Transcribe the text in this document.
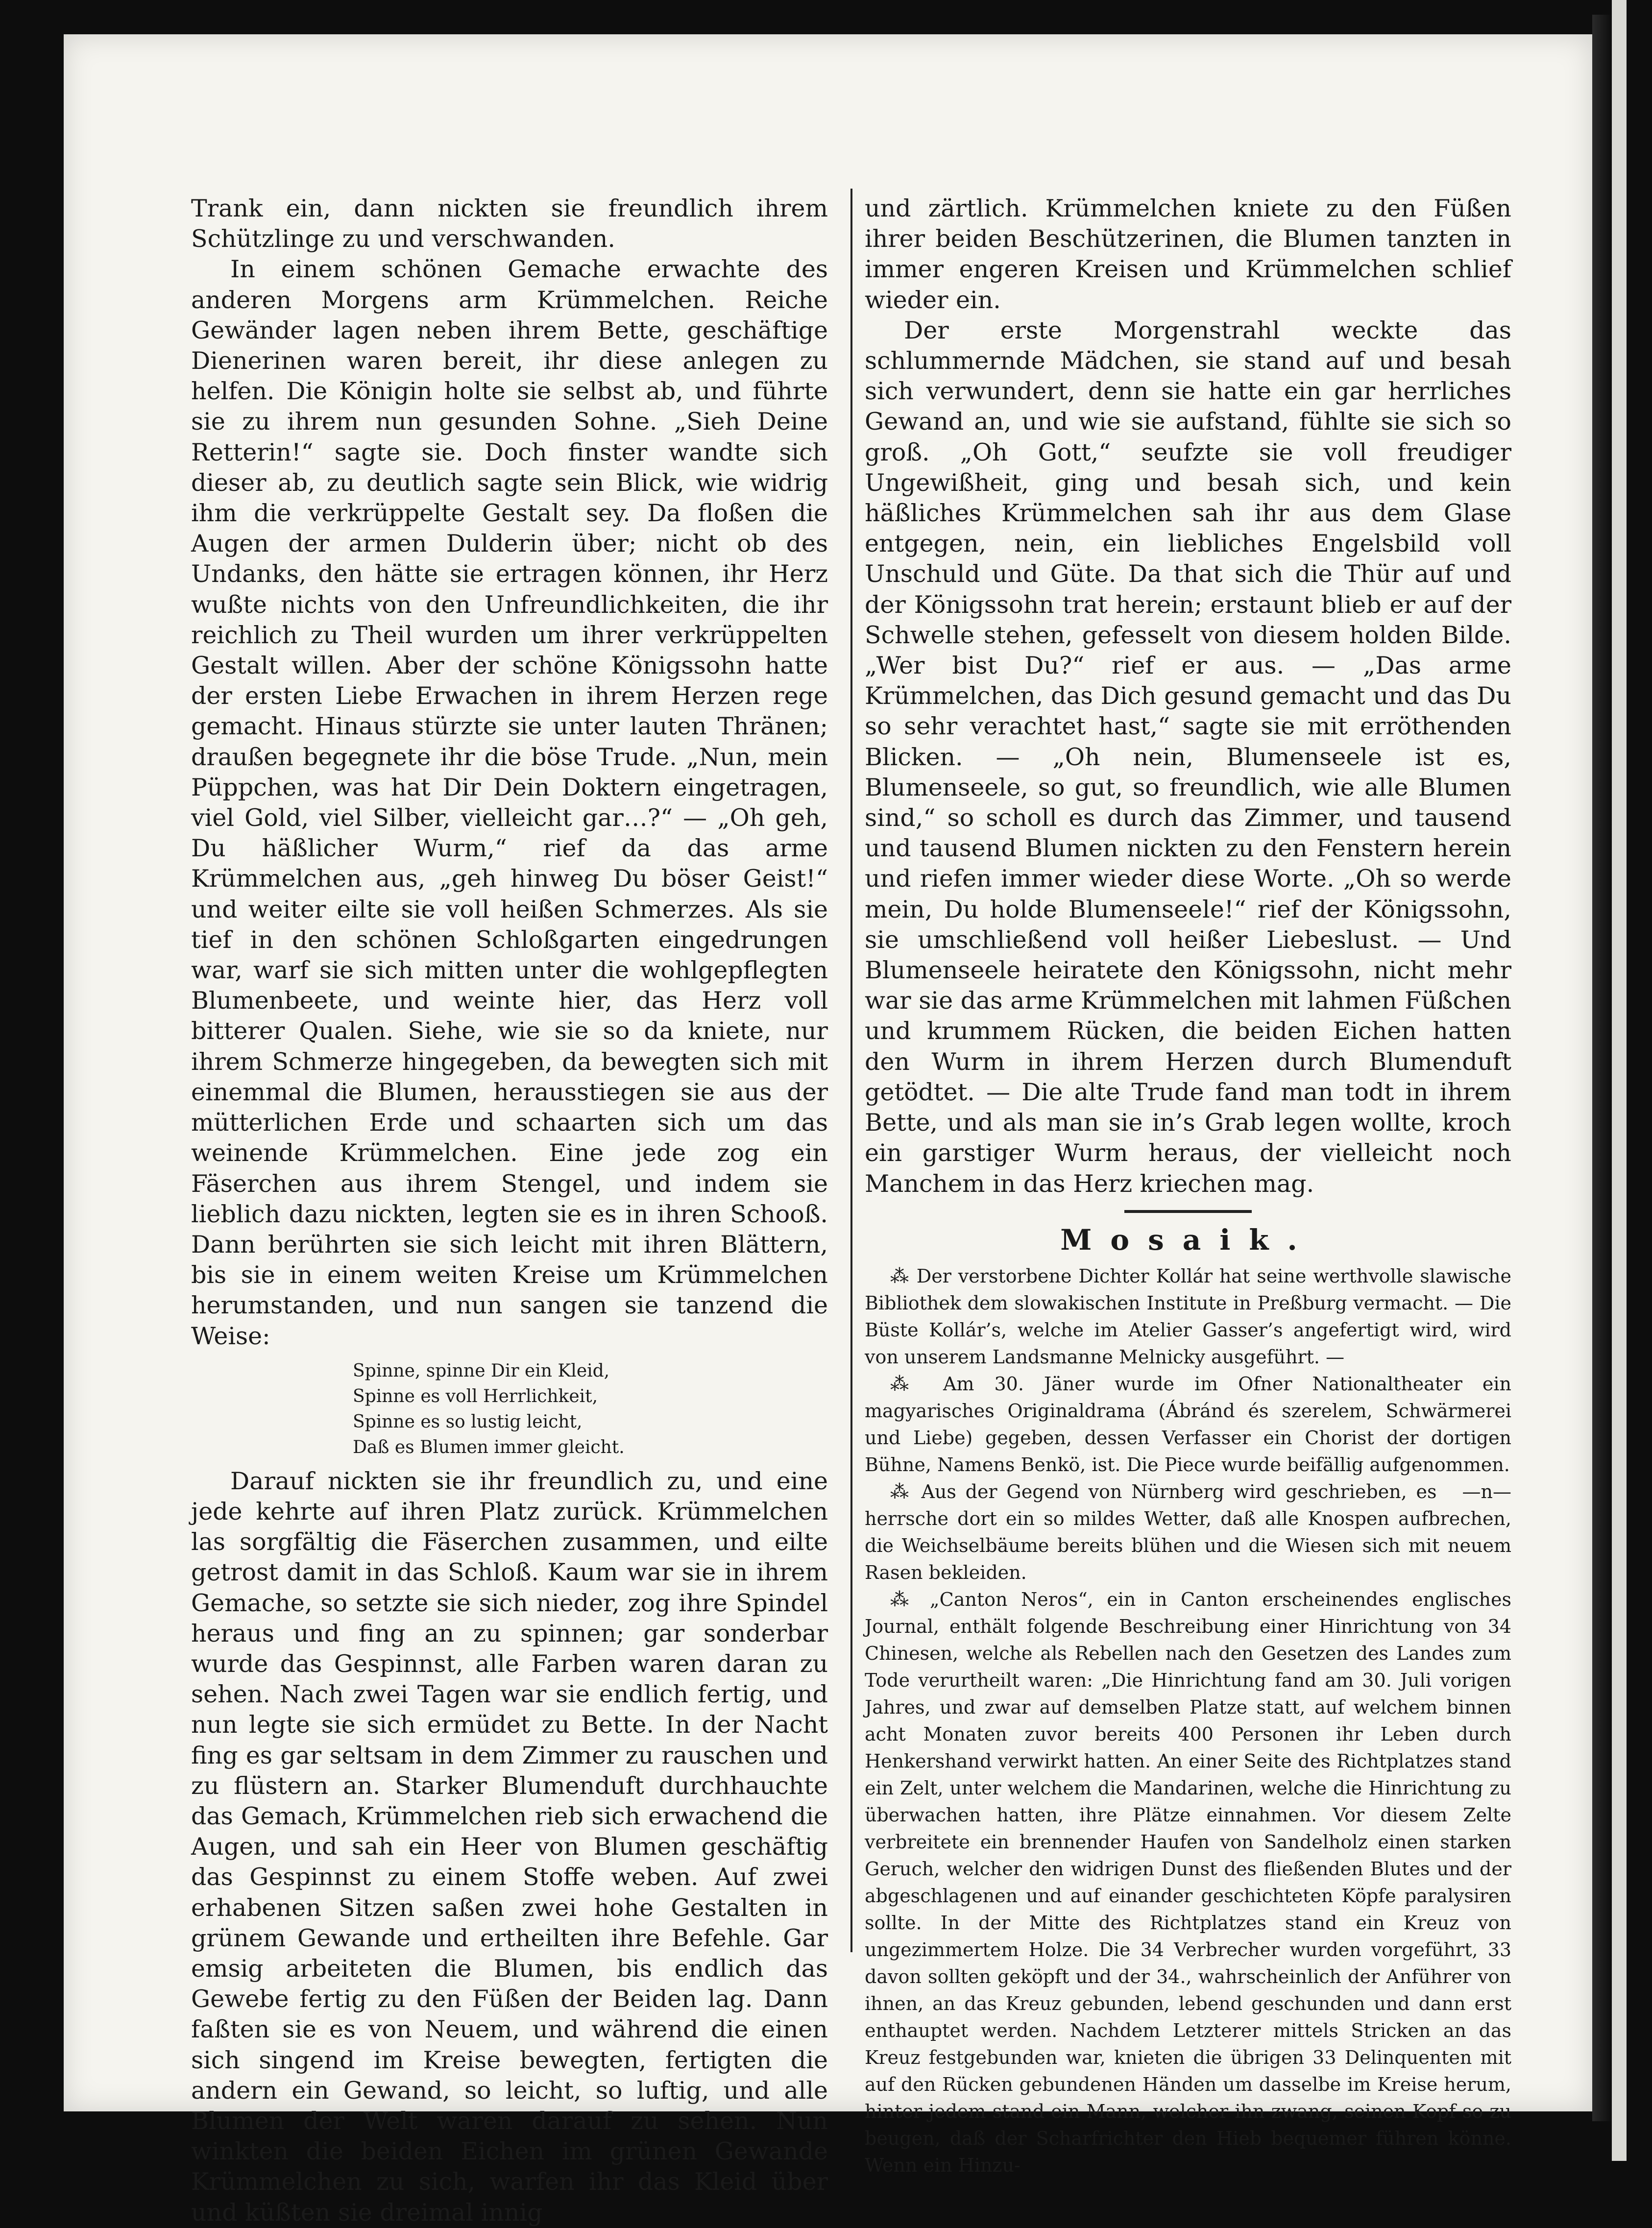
Trank ein, dann nickten sie freundlich ihrem Schützlinge zu und verschwanden.

In einem schönen Gemache erwachte des anderen Morgens arm Krümmelchen. Reiche Gewänder lagen neben ihrem Bette, geschäftige Dienerinen waren bereit, ihr diese anlegen zu helfen. Die Königin holte sie selbst ab, und führte sie zu ihrem nun gesunden Sohne. „Sieh Deine Retterin!“ sagte sie. Doch finster wandte sich dieser ab, zu deutlich sagte sein Blick, wie widrig ihm die verkrüppelte Gestalt sey. Da floßen die Augen der armen Dulderin über; nicht ob des Undanks, den hätte sie ertragen können, ihr Herz wußte nichts von den Unfreundlichkeiten, die ihr reichlich zu Theil wurden um ihrer verkrüppelten Gestalt willen. Aber der schöne Königssohn hatte der ersten Liebe Erwachen in ihrem Herzen rege gemacht. Hinaus stürzte sie unter lauten Thränen; draußen begegnete ihr die böse Trude. „Nun, mein Püppchen, was hat Dir Dein Doktern eingetragen, viel Gold, viel Silber, vielleicht gar…?“ — „Oh geh, Du häßlicher Wurm,“ rief da das arme Krümmelchen aus, „geh hinweg Du böser Geist!“ und weiter eilte sie voll heißen Schmerzes. Als sie tief in den schönen Schloßgarten eingedrungen war, warf sie sich mitten unter die wohlgepflegten Blumenbeete, und weinte hier, das Herz voll bitterer Qualen. Siehe, wie sie so da kniete, nur ihrem Schmerze hingegeben, da bewegten sich mit einemmal die Blumen, herausstiegen sie aus der mütterlichen Erde und schaarten sich um das weinende Krümmelchen. Eine jede zog ein Fäserchen aus ihrem Stengel, und indem sie lieblich dazu nickten, legten sie es in ihren Schooß. Dann berührten sie sich leicht mit ihren Blättern, bis sie in einem weiten Kreise um Krümmelchen herumstanden, und nun sangen sie tanzend die Weise:

Spinne, spinne Dir ein Kleid,
Spinne es voll Herrlichkeit,
Spinne es so lustig leicht,
Daß es Blumen immer gleicht.

Darauf nickten sie ihr freundlich zu, und eine jede kehrte auf ihren Platz zurück. Krümmelchen las sorgfältig die Fäserchen zusammen, und eilte getrost damit in das Schloß. Kaum war sie in ihrem Gemache, so setzte sie sich nieder, zog ihre Spindel heraus und fing an zu spinnen; gar sonderbar wurde das Gespinnst, alle Farben waren daran zu sehen. Nach zwei Tagen war sie endlich fertig, und nun legte sie sich ermüdet zu Bette. In der Nacht fing es gar seltsam in dem Zimmer zu rauschen und zu flüstern an. Starker Blumenduft durchhauchte das Gemach, Krümmelchen rieb sich erwachend die Augen, und sah ein Heer von Blumen geschäftig das Gespinnst zu einem Stoffe weben. Auf zwei erhabenen Sitzen saßen zwei hohe Gestalten in grünem Gewande und ertheilten ihre Befehle. Gar emsig arbeiteten die Blumen, bis endlich das Gewebe fertig zu den Füßen der Beiden lag. Dann faßten sie es von Neuem, und während die einen sich singend im Kreise bewegten, fertigten die andern ein Gewand, so leicht, so luftig, und alle Blumen der Welt waren darauf zu sehen. Nun winkten die beiden Eichen im grünen Gewande Krümmelchen zu sich, warfen ihr das Kleid über und küßten sie dreimal innig

und zärtlich. Krümmelchen kniete zu den Füßen ihrer beiden Beschützerinen, die Blumen tanzten in immer engeren Kreisen und Krümmelchen schlief wieder ein.

Der erste Morgenstrahl weckte das schlummernde Mädchen, sie stand auf und besah sich verwundert, denn sie hatte ein gar herrliches Gewand an, und wie sie aufstand, fühlte sie sich so groß. „Oh Gott,“ seufzte sie voll freudiger Ungewißheit, ging und besah sich, und kein häßliches Krümmelchen sah ihr aus dem Glase entgegen, nein, ein liebliches Engelsbild voll Unschuld und Güte. Da that sich die Thür auf und der Königssohn trat herein; erstaunt blieb er auf der Schwelle stehen, gefesselt von diesem holden Bilde. „Wer bist Du?“ rief er aus. — „Das arme Krümmelchen, das Dich gesund gemacht und das Du so sehr verachtet hast,“ sagte sie mit erröthenden Blicken. — „Oh nein, Blumenseele ist es, Blumenseele, so gut, so freundlich, wie alle Blumen sind,“ so scholl es durch das Zimmer, und tausend und tausend Blumen nickten zu den Fenstern herein und riefen immer wieder diese Worte. „Oh so werde mein, Du holde Blumenseele!“ rief der Königssohn, sie umschließend voll heißer Liebeslust. — Und Blumenseele heiratete den Königssohn, nicht mehr war sie das arme Krümmelchen mit lahmen Füßchen und krummem Rücken, die beiden Eichen hatten den Wurm in ihrem Herzen durch Blumenduft getödtet. — Die alte Trude fand man todt in ihrem Bette, und als man sie in’s Grab legen wollte, kroch ein garstiger Wurm heraus, der vielleicht noch Manchem in das Herz kriechen mag.

Mosaik.

⁂ Der verstorbene Dichter Kollár hat seine werthvolle slawische Bibliothek dem slowakischen Institute in Preßburg vermacht. — Die Büste Kollár’s, welche im Atelier Gasser’s angefertigt wird, wird von unserem Landsmanne Melnicky ausgeführt. —

⁂ Am 30. Jäner wurde im Ofner Nationaltheater ein magyarisches Originaldrama (Ábránd és szerelem, Schwärmerei und Liebe) gegeben, dessen Verfasser ein Chorist der dortigen Bühne, Namens Benkö, ist. Die Piece wurde beifällig aufgenommen.
—n—

⁂ Aus der Gegend von Nürnberg wird geschrieben, es herrsche dort ein so mildes Wetter, daß alle Knospen aufbrechen, die Weichselbäume bereits blühen und die Wiesen sich mit neuem Rasen bekleiden.

⁂ „Canton Neros“, ein in Canton erscheinendes englisches Journal, enthält folgende Beschreibung einer Hinrichtung von 34 Chinesen, welche als Rebellen nach den Gesetzen des Landes zum Tode verurtheilt waren: „Die Hinrichtung fand am 30. Juli vorigen Jahres, und zwar auf demselben Platze statt, auf welchem binnen acht Monaten zuvor bereits 400 Personen ihr Leben durch Henkershand verwirkt hatten. An einer Seite des Richtplatzes stand ein Zelt, unter welchem die Mandarinen, welche die Hinrichtung zu überwachen hatten, ihre Plätze einnahmen. Vor diesem Zelte verbreitete ein brennender Haufen von Sandelholz einen starken Geruch, welcher den widrigen Dunst des fließenden Blutes und der abgeschlagenen und auf einander geschichteten Köpfe paralysiren sollte. In der Mitte des Richtplatzes stand ein Kreuz von ungezimmertem Holze. Die 34 Verbrecher wurden vorgeführt, 33 davon sollten geköpft und der 34., wahrscheinlich der Anführer von ihnen, an das Kreuz gebunden, lebend geschunden und dann erst enthauptet werden. Nachdem Letzterer mittels Stricken an das Kreuz festgebunden war, knieten die übrigen 33 Delinquenten mit auf den Rücken gebundenen Händen um dasselbe im Kreise herum, hinter jedem stand ein Mann, welcher ihn zwang, seinen Kopf so zu beugen, daß der Scharfrichter den Hieb bequemer führen könne. Wenn ein Hinzu-
